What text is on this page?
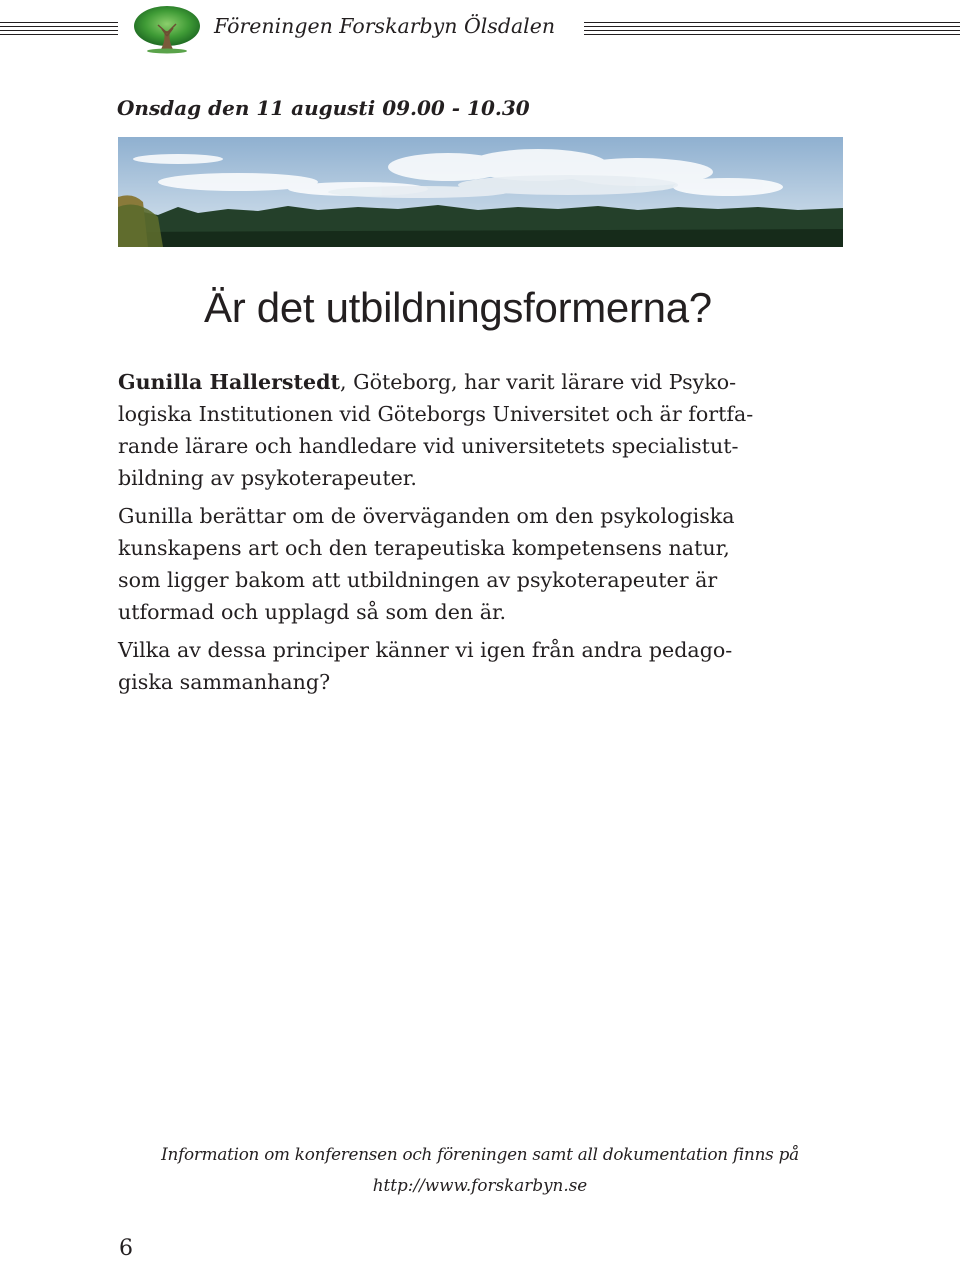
Föreningen Forskarbyn Ölsdalen
Onsdag den 11 augusti 09.00 - 10.30
Är det utbildningsformerna?

Gunilla Hallerstedt, Göteborg, har varit lärare vid Psyko-
logiska Institutionen vid Göteborgs Universitet och är fortfa-
rande lärare och handledare vid universitetets specialistut-
bildning av psykoterapeuter.

Gunilla berättar om de överväganden om den psykologiska
kunskapens art och den terapeutiska kompetensens natur,
som ligger bakom att utbildningen av psykoterapeuter är
utformad och upplagd så som den är.

Vilka av dessa principer känner vi igen från andra pedago-
giska sammanhang?

Information om konferensen och föreningen samt all dokumentation finns på
http://www.forskarbyn.se
6
